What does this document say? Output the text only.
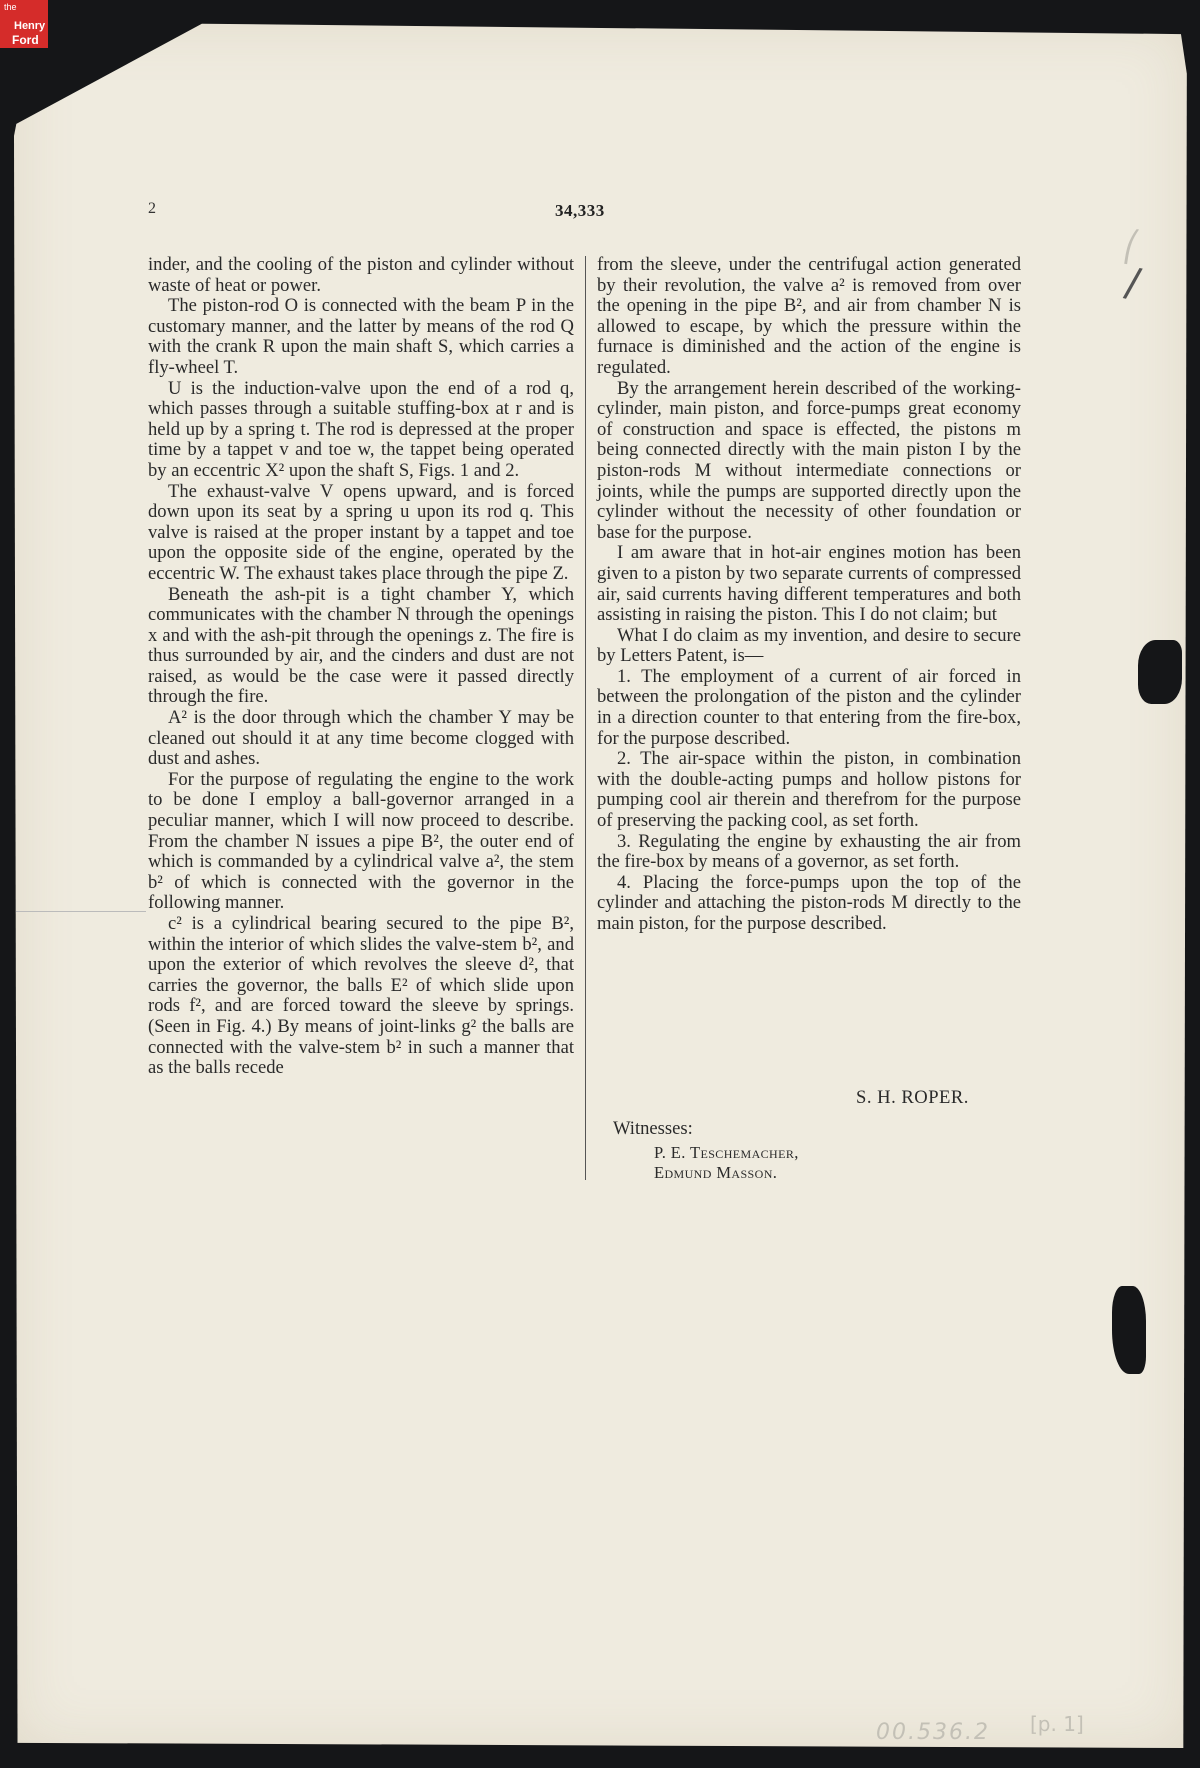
the
Henry
Ford
2	34,333

inder, and the cooling of the piston and cylinder without waste of heat or power.

The piston-rod O is connected with the beam P in the customary manner, and the latter by means of the rod Q with the crank R upon the main shaft S, which carries a fly-wheel T.

U is the induction-valve upon the end of a rod q, which passes through a suitable stuffing-box at r and is held up by a spring t. The rod is depressed at the proper time by a tappet v and toe w, the tappet being operated by an eccentric X² upon the shaft S, Figs. 1 and 2.

The exhaust-valve V opens upward, and is forced down upon its seat by a spring u upon its rod q. This valve is raised at the proper instant by a tappet and toe upon the opposite side of the engine, operated by the eccentric W. The exhaust takes place through the pipe Z.

Beneath the ash-pit is a tight chamber Y, which communicates with the chamber N through the openings x and with the ash-pit through the openings z. The fire is thus surrounded by air, and the cinders and dust are not raised, as would be the case were it passed directly through the fire.

A² is the door through which the chamber Y may be cleaned out should it at any time become clogged with dust and ashes.

For the purpose of regulating the engine to the work to be done I employ a ball-governor arranged in a peculiar manner, which I will now proceed to describe. From the chamber N issues a pipe B², the outer end of which is commanded by a cylindrical valve a², the stem b² of which is connected with the governor in the following manner.

c² is a cylindrical bearing secured to the pipe B², within the interior of which slides the valve-stem b², and upon the exterior of which revolves the sleeve d², that carries the governor, the balls E² of which slide upon rods f², and are forced toward the sleeve by springs. (Seen in Fig. 4.) By means of joint-links g² the balls are connected with the valve-stem b² in such a manner that as the balls recede

from the sleeve, under the centrifugal action generated by their revolution, the valve a² is removed from over the opening in the pipe B², and air from chamber N is allowed to escape, by which the pressure within the furnace is diminished and the action of the engine is regulated.

By the arrangement herein described of the working-cylinder, main piston, and force-pumps great economy of construction and space is effected, the pistons m being connected directly with the main piston I by the piston-rods M without intermediate connections or joints, while the pumps are supported directly upon the cylinder without the necessity of other foundation or base for the purpose.

I am aware that in hot-air engines motion has been given to a piston by two separate currents of compressed air, said currents having different temperatures and both assisting in raising the piston. This I do not claim; but

What I do claim as my invention, and desire to secure by Letters Patent, is—

1. The employment of a current of air forced in between the prolongation of the piston and the cylinder in a direction counter to that entering from the fire-box, for the purpose described.

2. The air-space within the piston, in combination with the double-acting pumps and hollow pistons for pumping cool air therein and therefrom for the purpose of preserving the packing cool, as set forth.

3. Regulating the engine by exhausting the air from the fire-box by means of a governor, as set forth.

4. Placing the force-pumps upon the top of the cylinder and attaching the piston-rods M directly to the main piston, for the purpose described.

S. H. ROPER.
Witnesses:
P. E. Teschemacher,
Edmund Masson.
⎛
/
00.536.2 [p. 1]
